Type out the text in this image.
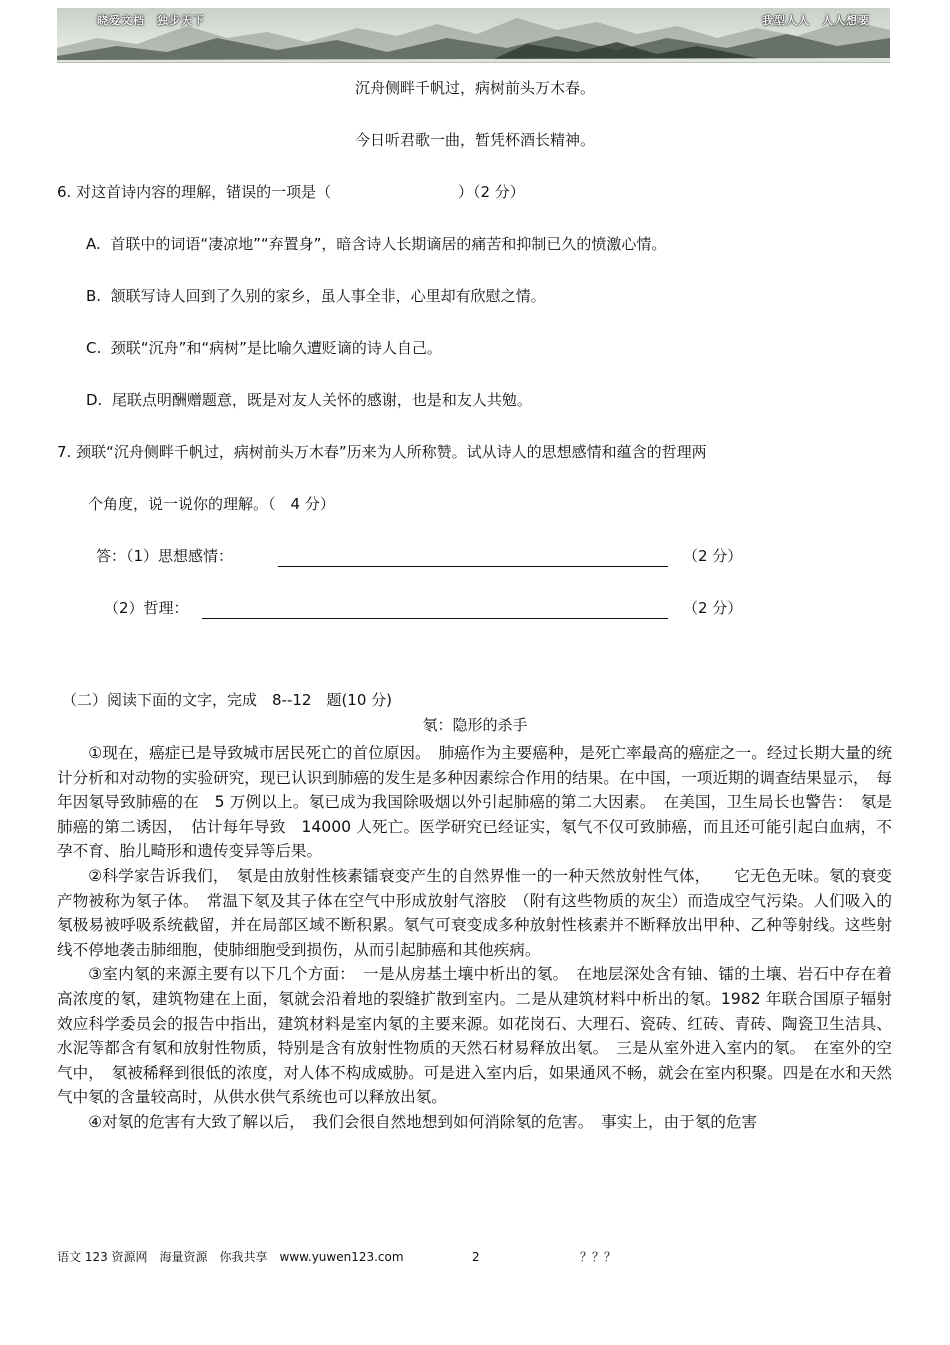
晓爱文档　独步天下	我型人人　人人想要
沉舟侧畔千帆过，病树前头万木春。
今日听君歌一曲，暂凭杯酒长精神。
6. 对这首诗内容的理解，错误的一项是（	）（2 分）
A. 首联中的词语“凄凉地”“弃置身”，暗含诗人长期谪居的痛苦和抑制已久的愤激心情。
B. 颔联写诗人回到了久别的家乡，虽人事全非，心里却有欣慰之情。
C. 颈联“沉舟”和“病树”是比喻久遭贬谪的诗人自己。
D. 尾联点明酬赠题意，既是对友人关怀的感谢，也是和友人共勉。
7. 颈联“沉舟侧畔千帆过，病树前头万木春”历来为人所称赞。试从诗人的思想感情和蕴含的哲理两
个角度，说一说你的理解。（　4 分）
答：（1）思想感情：	（2 分）
（2）哲理：	（2 分）
（二）阅读下面的文字，完成　8--12　题(10 分)
氡：隐形的杀手

①现在，癌症已是导致城市居民死亡的首位原因。　肺癌作为主要癌种，是死亡率最高的癌症之一。经过长期大量的统计分析和对动物的实验研究，现已认识到肺癌的发生是多种因素综合作用的结果。在中国，一项近期的调查结果显示，　每年因氡导致肺癌的在　5 万例以上。氡已成为我国除吸烟以外引起肺癌的第二大因素。　在美国，卫生局长也警告：　氡是肺癌的第二诱因，　估计每年导致　14000 人死亡。医学研究已经证实，氡气不仅可致肺癌，而且还可能引起白血病，不孕不育、胎儿畸形和遗传变异等后果。

②科学家告诉我们，　氡是由放射性核素镭衰变产生的自然界惟一的一种天然放射性气体，　　它无色无味。氡的衰变产物被称为氡子体。　常温下氡及其子体在空气中形成放射气溶胶　（附有这些物质的灰尘）而造成空气污染。人们吸入的氡极易被呼吸系统截留，并在局部区域不断积累。氡气可衰变成多种放射性核素并不断释放出甲种、乙种等射线。这些射线不停地袭击肺细胞，使肺细胞受到损伤，从而引起肺癌和其他疾病。

③室内氡的来源主要有以下几个方面：　一是从房基土壤中析出的氡。　在地层深处含有铀、镭的土壤、岩石中存在着高浓度的氡，建筑物建在上面，氡就会沿着地的裂缝扩散到室内。二是从建筑材料中析出的氡。1982 年联合国原子辐射效应科学委员会的报告中指出，建筑材料是室内氡的主要来源。如花岗石、大理石、瓷砖、红砖、青砖、陶瓷卫生洁具、水泥等都含有氡和放射性物质，特别是含有放射性物质的天然石材易释放出氡。　三是从室外进入室内的氡。　在室外的空气中，　氡被稀释到很低的浓度，对人体不构成威胁。可是进入室内后，如果通风不畅，就会在室内积聚。四是在水和天然气中氡的含量较高时，从供水供气系统也可以释放出氡。

④对氡的危害有大致了解以后，　我们会很自然地想到如何消除氡的危害。　事实上，由于氡的危害

语文 123 资源网　海量资源　你我共享　www.yuwen123.com	2	？？？
